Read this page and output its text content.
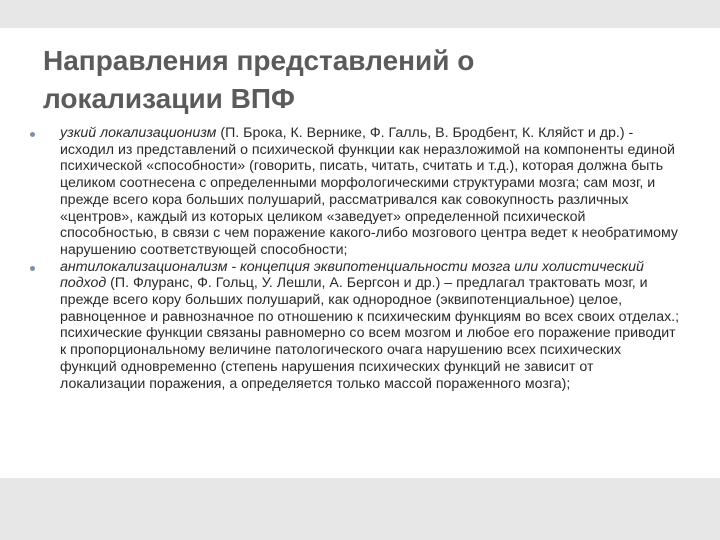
Направления представлений о
локализации ВПФ
узкий локализационизм (П. Брока, К. Вернике, Ф. Галль, В. Бродбент, К. Кляйст и др.) - исходил из представлений о психической функции как неразложимой на компоненты единой психической «способности» (говорить, писать, читать, считать и т.д.), которая должна быть целиком соотнесена с определенными морфологическими структурами мозга; сам мозг, и прежде всего кора больших полушарий, рассматривался как совокупность различных «центров», каждый из которых целиком «заведует» определенной психической способностью, в связи с чем поражение какого-либо мозгового центра ведет к необратимому нарушению соответствующей способности;
антилокализационализм - концепция эквипотенциальности мозга или холистический подход (П. Флуранс, Ф. Гольц, У. Лешли, А. Бергсон и др.) – предлагал трактовать мозг, и прежде всего кору больших полушарий, как однородное (эквипотенциальное) целое, равноценное и равнозначное по отношению к психическим функциям во всех своих отделах.; психические функции связаны равномерно со всем мозгом и любое его поражение приводит к пропорциональному величине патологического очага нарушению всех психических функций одновременно (степень нарушения психических функций не зависит от локализации поражения, а определяется только массой пораженного мозга);
